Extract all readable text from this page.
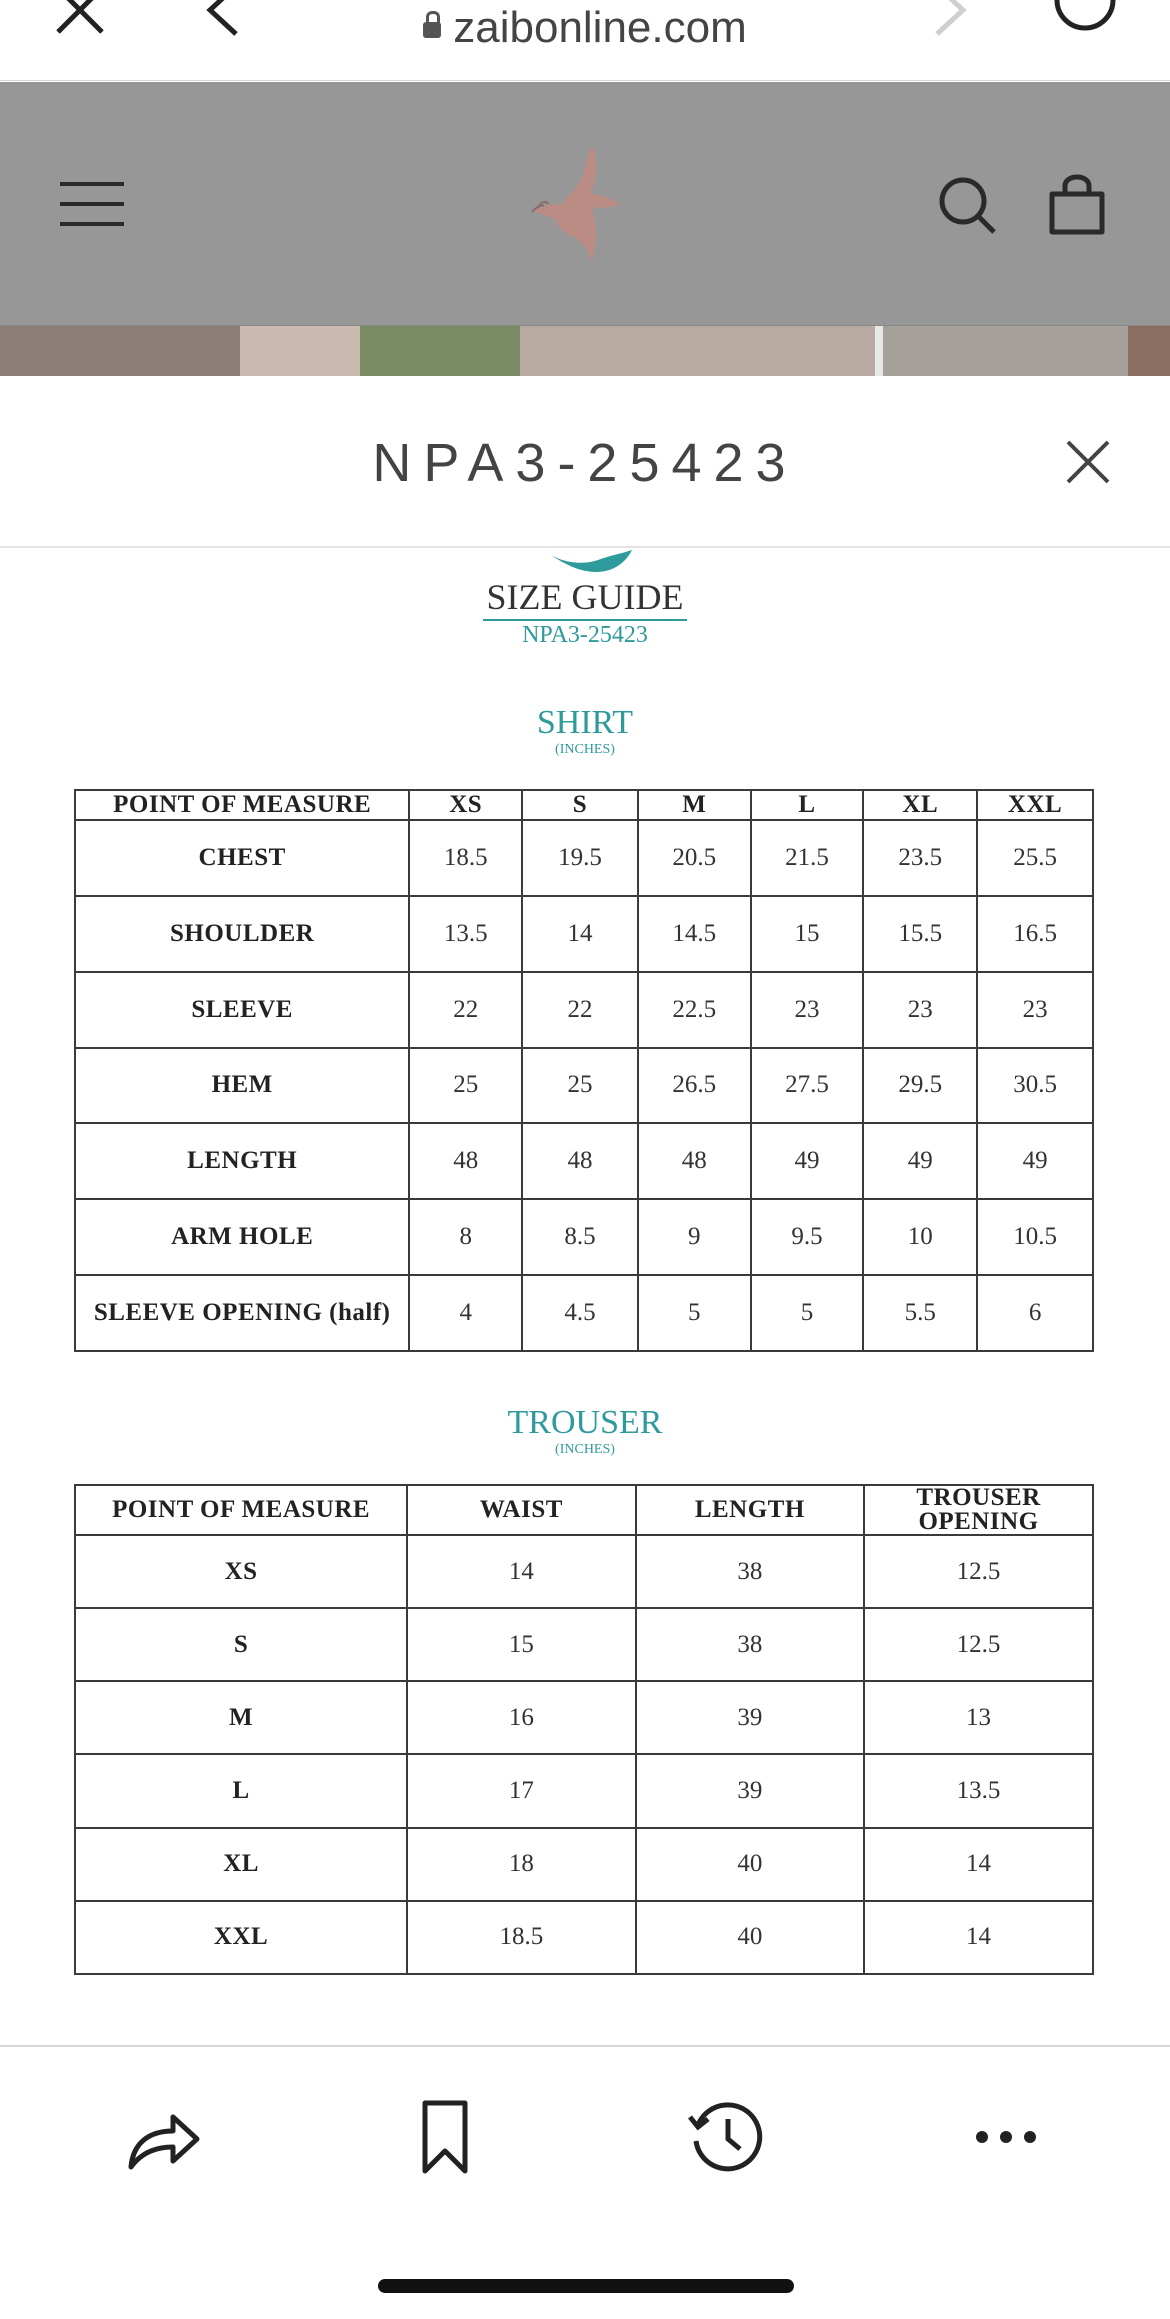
zaibonline.com
NPA3-25423
SIZE GUIDE
NPA3-25423
SHIRT
(INCHES)
POINT OF MEASURE	XS	S	M	L	XL	XXL
CHEST	18.5	19.5	20.5	21.5	23.5	25.5
SHOULDER	13.5	14	14.5	15	15.5	16.5
SLEEVE	22	22	22.5	23	23	23
HEM	25	25	26.5	27.5	29.5	30.5
LENGTH	48	48	48	49	49	49
ARM HOLE	8	8.5	9	9.5	10	10.5
SLEEVE OPENING (half)	4	4.5	5	5	5.5	6
TROUSER
(INCHES)
POINT OF MEASURE	WAIST	LENGTH	TROUSER OPENING
XS	14	38	12.5
S	15	38	12.5
M	16	39	13
L	17	39	13.5
XL	18	40	14
XXL	18.5	40	14
